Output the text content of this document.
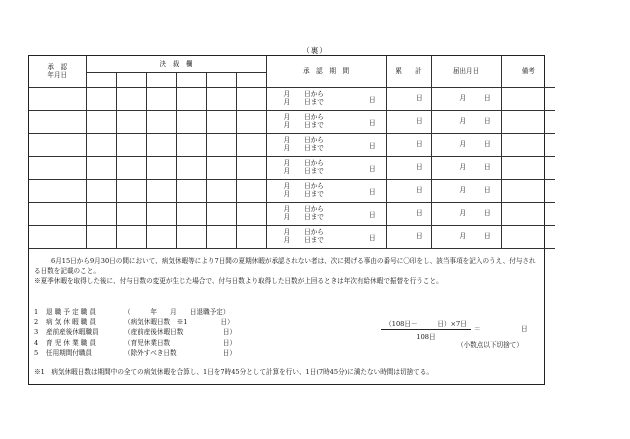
（裏）
承　認
年月日	決　裁　欄						承　認　期　間	累　　計	届出月日	備考

							月 日から
月 日まで 日	日	月 日	

							月 日から
月 日まで 日	日	月 日	

							月 日から
月 日まで 日	日	月 日	

							月 日から
月 日まで 日	日	月 日	

							月 日から
月 日まで 日	日	月 日	

							月 日から
月 日まで 日	日	月 日	

							月 日から
月 日まで 日	日	月 日	

6月15日から9月30日の間において、病気休暇等により7日間の夏期休暇が承認されない者は、次に掲げる事由の番号に〇印をし、該当事項を記入のうえ、付与される日数を記載のこと。

※夏季休暇を取得した後に、付与日数の変更が生じた場合で、付与日数より取得した日数が上回るときは年次有給休暇で振替を行うこと。

1	退 職 予 定 職 員	（　　　年　　月　　日退職予定）
2	病 気 休 暇 職 員	（病気休暇日数　※1　　　　　日）
3	産前産後休暇職員	（産前産後休暇日数　　　　　　日）
4	育 児 休 業 職 員	（育児休業日数　　　　　　　　日）
5	任用期間付職員	（除外すべき日数　　　　　　　日）
（108日－　　　日）×7日
108日
＝	日
（小数点以下切捨て）
※1　病気休暇日数は期間中の全ての病気休暇を合算し、1日を7時45分として計算を行い、1日(7時45分)に満たない時間は切捨てる。
